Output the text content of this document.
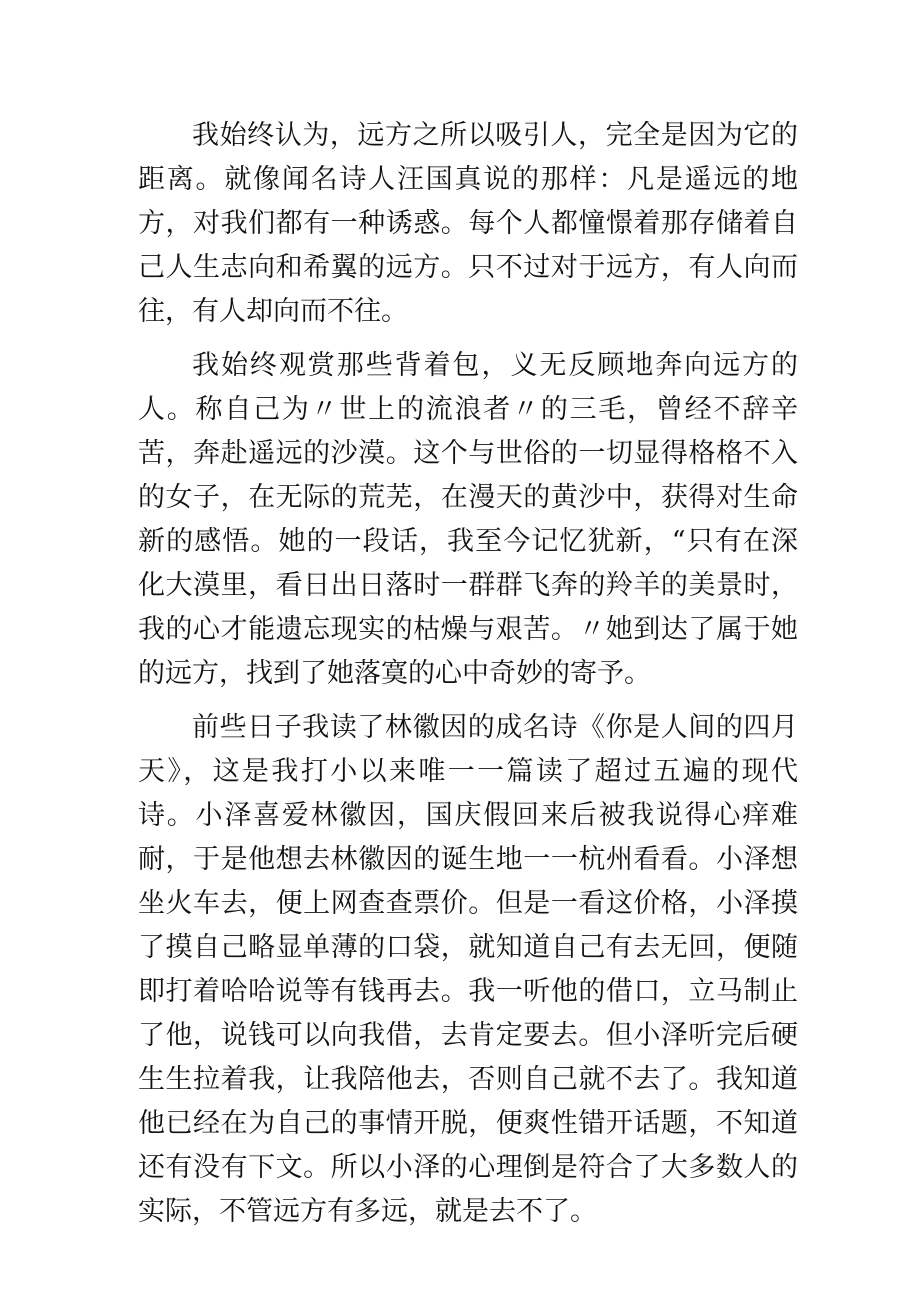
我始终认为，远方之所以吸引人，完全是因为它的距离。就像闻名诗人汪国真说的那样：凡是遥远的地方，对我们都有一种诱惑。每个人都憧憬着那存储着自己人生志向和希翼的远方。只不过对于远方，有人向而往，有人却向而不往。

我始终观赏那些背着包，义无反顾地奔向远方的人。称自己为〃世上的流浪者〃的三毛，曾经不辞辛苦，奔赴遥远的沙漠。这个与世俗的一切显得格格不入的女子，在无际的荒芜，在漫天的黄沙中，获得对生命新的感悟。她的一段话，我至今记忆犹新，“只有在深化大漠里，看日出日落时一群群飞奔的羚羊的美景时，我的心才能遗忘现实的枯燥与艰苦。〃她到达了属于她的远方，找到了她落寞的心中奇妙的寄予。

前些日子我读了林徽因的成名诗《你是人间的四月天》，这是我打小以来唯一一篇读了超过五遍的现代诗。小泽喜爱林徽因，国庆假回来后被我说得心痒难耐，于是他想去林徽因的诞生地一一杭州看看。小泽想坐火车去，便上网查查票价。但是一看这价格，小泽摸了摸自己略显单薄的口袋，就知道自己有去无回，便随即打着哈哈说等有钱再去。我一听他的借口，立马制止了他，说钱可以向我借，去肯定要去。但小泽听完后硬生生拉着我，让我陪他去，否则自己就不去了。我知道他已经在为自己的事情开脱，便爽性错开话题，不知道还有没有下文。所以小泽的心理倒是符合了大多数人的实际，不管远方有多远，就是去不了。
